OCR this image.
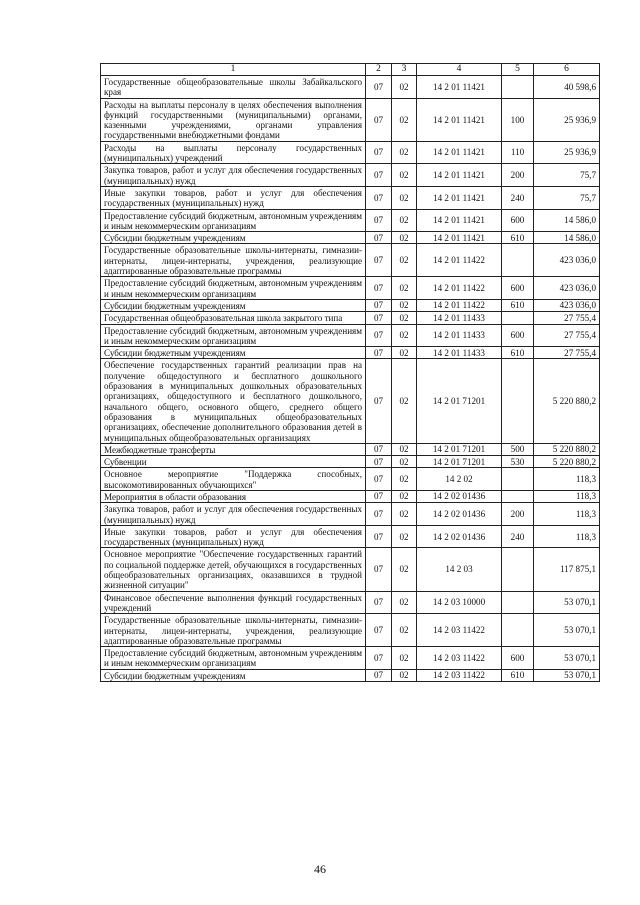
1	2	3	4	5	6
Государственные общеобразовательные школы Забайкальского края	07	02	14 2 01 11421		40 598,6
Расходы на выплаты персоналу в целях обеспечения выполнения функций государственными (муниципальными) органами, казенными учреждениями, органами управления государственными внебюджетными фондами	07	02	14 2 01 11421	100	25 936,9
Расходы на выплаты персоналу государственных (муниципальных) учреждений	07	02	14 2 01 11421	110	25 936,9
Закупка товаров, работ и услуг для обеспечения государственных (муниципальных) нужд	07	02	14 2 01 11421	200	75,7
Иные закупки товаров, работ и услуг для обеспечения государственных (муниципальных) нужд	07	02	14 2 01 11421	240	75,7
Предоставление субсидий бюджетным, автономным учреждениям и иным некоммерческим организациям	07	02	14 2 01 11421	600	14 586,0
Субсидии бюджетным учреждениям	07	02	14 2 01 11421	610	14 586,0
Государственные образовательные школы-интернаты, гимназии-интернаты, лицеи-интернаты, учреждения, реализующие адаптированные образовательные программы	07	02	14 2 01 11422		423 036,0
Предоставление субсидий бюджетным, автономным учреждениям и иным некоммерческим организациям	07	02	14 2 01 11422	600	423 036,0
Субсидии бюджетным учреждениям	07	02	14 2 01 11422	610	423 036,0
Государственная общеобразовательная школа закрытого типа	07	02	14 2 01 11433		27 755,4
Предоставление субсидий бюджетным, автономным учреждениям и иным некоммерческим организациям	07	02	14 2 01 11433	600	27 755,4
Субсидии бюджетным учреждениям	07	02	14 2 01 11433	610	27 755,4
Обеспечение государственных гарантий реализации прав на получение общедоступного и бесплатного дошкольного образования в муниципальных дошкольных образовательных организациях, общедоступного и бесплатного дошкольного, начального общего, основного общего, среднего общего образования в муниципальных общеобразовательных организациях, обеспечение дополнительного образования детей в муниципальных общеобразовательных организациях	07	02	14 2 01 71201		5 220 880,2
Межбюджетные трансферты	07	02	14 2 01 71201	500	5 220 880,2
Субвенции	07	02	14 2 01 71201	530	5 220 880,2
Основное мероприятие "Поддержка способных, высокомотивированных обучающихся"	07	02	14 2 02		118,3
Мероприятия в области образования	07	02	14 2 02 01436		118,3
Закупка товаров, работ и услуг для обеспечения государственных (муниципальных) нужд	07	02	14 2 02 01436	200	118,3
Иные закупки товаров, работ и услуг для обеспечения государственных (муниципальных) нужд	07	02	14 2 02 01436	240	118,3
Основное мероприятие "Обеспечение государственных гарантий по социальной поддержке детей, обучающихся в государственных общеобразовательных организациях, оказавшихся в трудной жизненной ситуации"	07	02	14 2 03		117 875,1
Финансовое обеспечение выполнения функций государственных учреждений	07	02	14 2 03 10000		53 070,1
Государственные образовательные школы-интернаты, гимназии-интернаты, лицеи-интернаты, учреждения, реализующие адаптированные образовательные программы	07	02	14 2 03 11422		53 070,1
Предоставление субсидий бюджетным, автономным учреждениям и иным некоммерческим организациям	07	02	14 2 03 11422	600	53 070,1
Субсидии бюджетным учреждениям	07	02	14 2 03 11422	610	53 070,1
46
